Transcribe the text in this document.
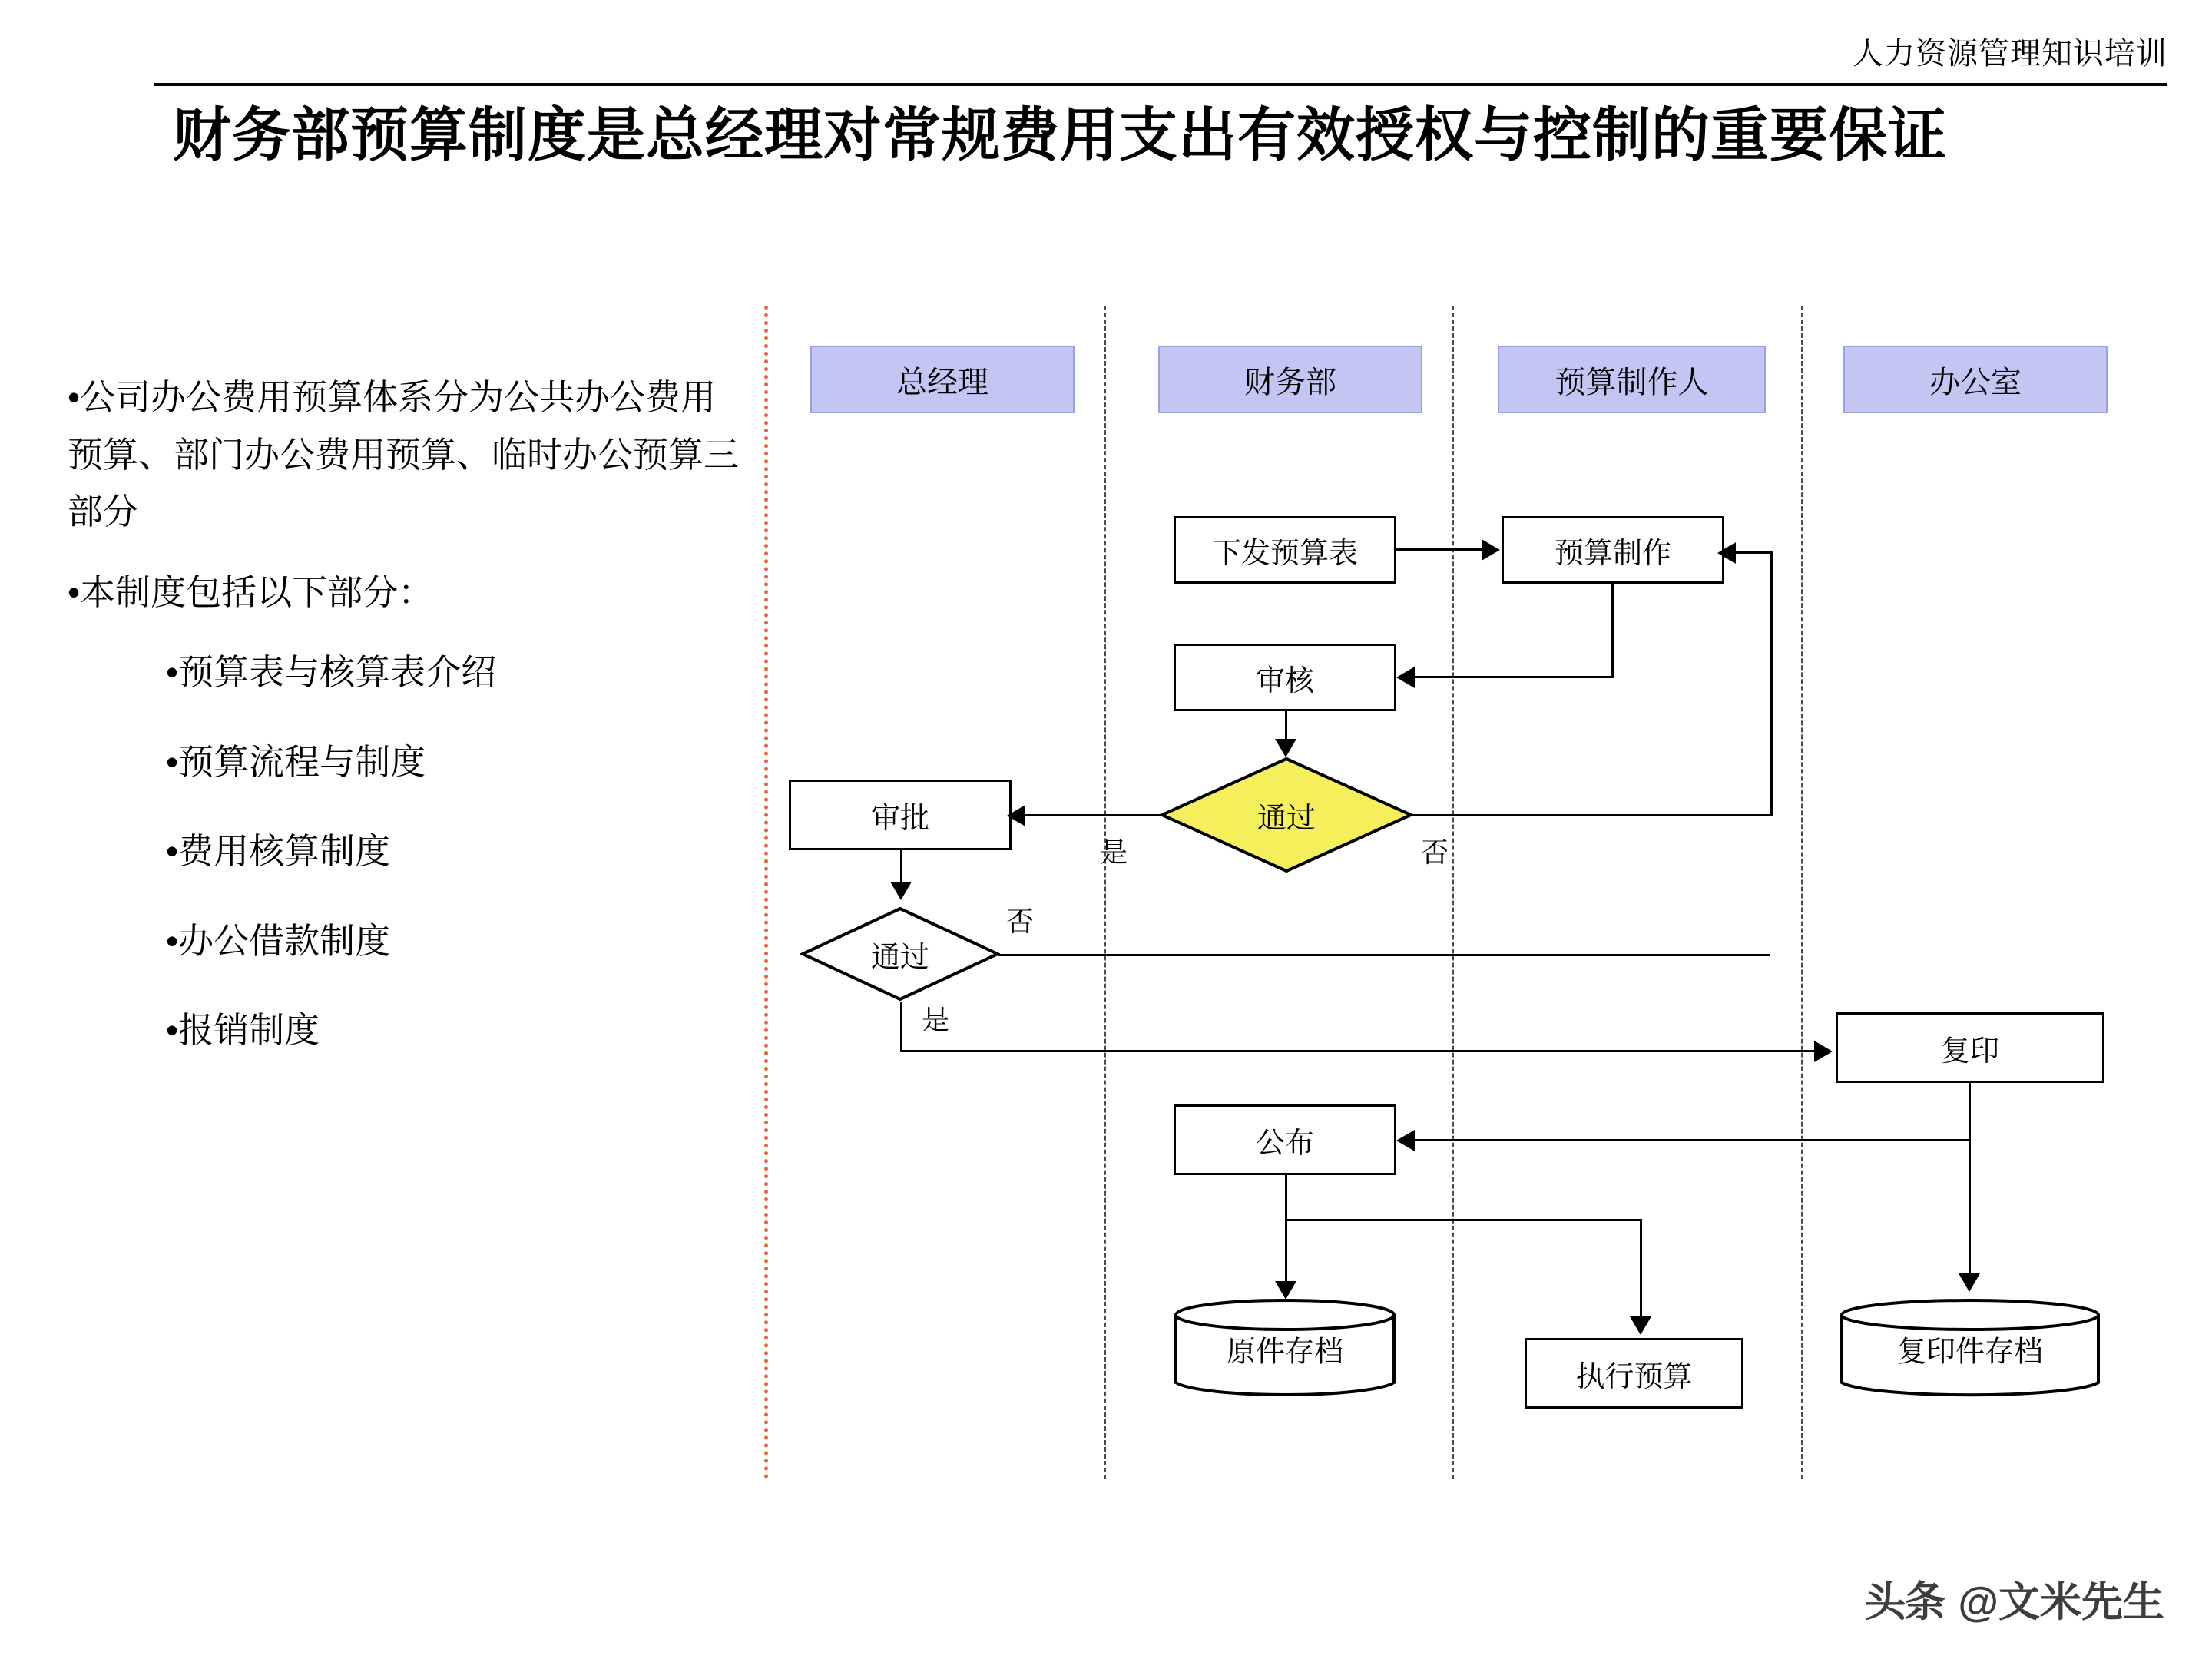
人力资源管理知识培训
财务部预算制度是总经理对常规费用支出有效授权与控制的重要保证
•公司办公费用预算体系分为公共办公费用预算、部门办公费用预算、临时办公预算三部分
•本制度包括以下部分：
•预算表与核算表介绍
•预算流程与制度
•费用核算制度
•办公借款制度
•报销制度
总经理	财务部	预算制作人	办公室
下发预算表	预算制作
审核
通过
审批
通过
复印
公布
执行预算
原件存档	复印件存档
是	否
否
是
头条 @文米先生
